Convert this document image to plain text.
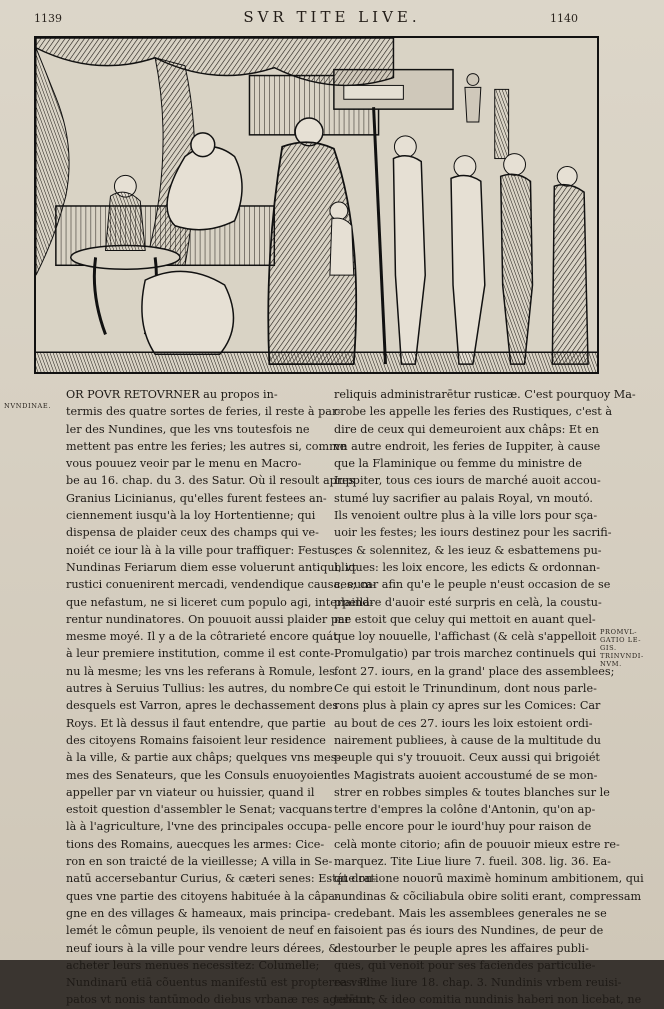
1139	SVR TITE LIVE.	1140
NVNDINAE.
PROMVL-
GATIO LE-
GIS.
TRINVNDI-
NVM.
OR POVR RETOVRNER au propos in-
termis des quatre sortes de feries, il reste à par-
ler des Nundines, que les vns toutesfois ne
mettent pas entre les feries; les autres si, comme
vous pouuez veoir par le menu en Macro-
be au 16. chap. du 3. des Satur. Où il resoult apres
Granius Licinianus, qu'elles furent festees an-
ciennement iusqu'à la loy Hortentienne; qui
dispensa de plaider ceux des champs qui ve-
noiét ce iour là à la ville pour traffiquer: Festus;
Nundinas Feriarum diem esse voluerunt antiqui, vt
rustici conuenirent mercadi, vendendique causa, eum-
que nefastum, ne si liceret cum populo agi, interpella-
rentur nundinatores. On pouuoit aussi plaider par
mesme moyé. Il y a de la côtrarieté encore quát
à leur premiere institution, comme il est conte-
nu là mesme; les vns les referans à Romule, les
autres à Seruius Tullius: les autres, du nombre
desquels est Varron, apres le dechassement des
Roys. Et là dessus il faut entendre, que partie
des citoyens Romains faisoient leur residence
à la ville, & partie aux châps; quelques vns mes-
mes des Senateurs, que les Consuls enuoyoient
appeller par vn viateur ou huissier, quand il
estoit question d'assembler le Senat; vacquans
là à l'agriculture, l'vne des principales occupa-
tions des Romains, auecques les armes: Cice-
ron en son traicté de la vieillesse; A villa in Se-
natū accersebantur Curius, & cæteri senes: Estát don-
ques vne partie des citoyens habituée à la câpa-
gne en des villages & hameaux, mais principa-
lemét le cômun peuple, ils venoient de neuf en
neuf iours à la ville pour vendre leurs dérees, &
acheter leurs menues necessitez: Columelle;
Nundinarū etiā cõuentus manifestū est propterea vsur-
patos vt nonis tantūmodo diebus vrbanæ res agerētur;
reliquis administrarētur rusticæ. C'est pourquoy Ma-
crobe les appelle les feries des Rustiques, c'est à
dire de ceux qui demeuroient aux châps: Et en
vn autre endroit, les feries de Iuppiter, à cause
que la Flaminique ou femme du ministre de
Iuppiter, tous ces iours de marché auoit accou-
stumé luy sacrifier au palais Royal, vn moutó.
Ils venoient oultre plus à la ville lors pour sça-
uoir les festes; les iours destinez pour les sacrifi-
ces & solennitez, & les ieuz & esbattemens pu-
bliques: les loix encore, les edicts & ordonnan-
ces; car afin qu'e le peuple n'eust occasion de se
plaindre d'auoir esté surpris en celà, la coustu-
me estoit que celuy qui mettoit en auant quel-
que loy nouuelle, l'affichast (& celà s'appelloit
Promulgatio) par trois marchez continuels qui
font 27. iours, en la grand' place des assemblees;
Ce qui estoit le Trinundinum, dont nous parle-
rons plus à plain cy apres sur les Comices: Car
au bout de ces 27. iours les loix estoient ordi-
nairement publiees, à cause de la multitude du
peuple qui s'y trouuoit. Ceux aussi qui brigoiét
les Magistrats auoient accoustumé de se mon-
strer en robbes simples & toutes blanches sur le
tertre d'empres la colône d'Antonin, qu'on ap-
pelle encore pour le iourd'huy pour raison de
celà monte citorio; afin de pouuoir mieux estre re-
marquez. Tite Liue liure 7. fueil. 308. lig. 36. Ea-
que ratione nouorū maximè hominum ambitionem, qui
nundinas & cõciliabula obire soliti erant, compressam
credebant. Mais les assemblees generales ne se
faisoient pas és iours des Nundines, de peur de
destourber le peuple apres les affaires publi-
ques, qui venoit pour ses faciendes particulie-
res: Pline liure 18. chap. 3. Nundinis vrbem reuisi-
tebant: & ideo comitia nundinis haberi non licebat, ne
